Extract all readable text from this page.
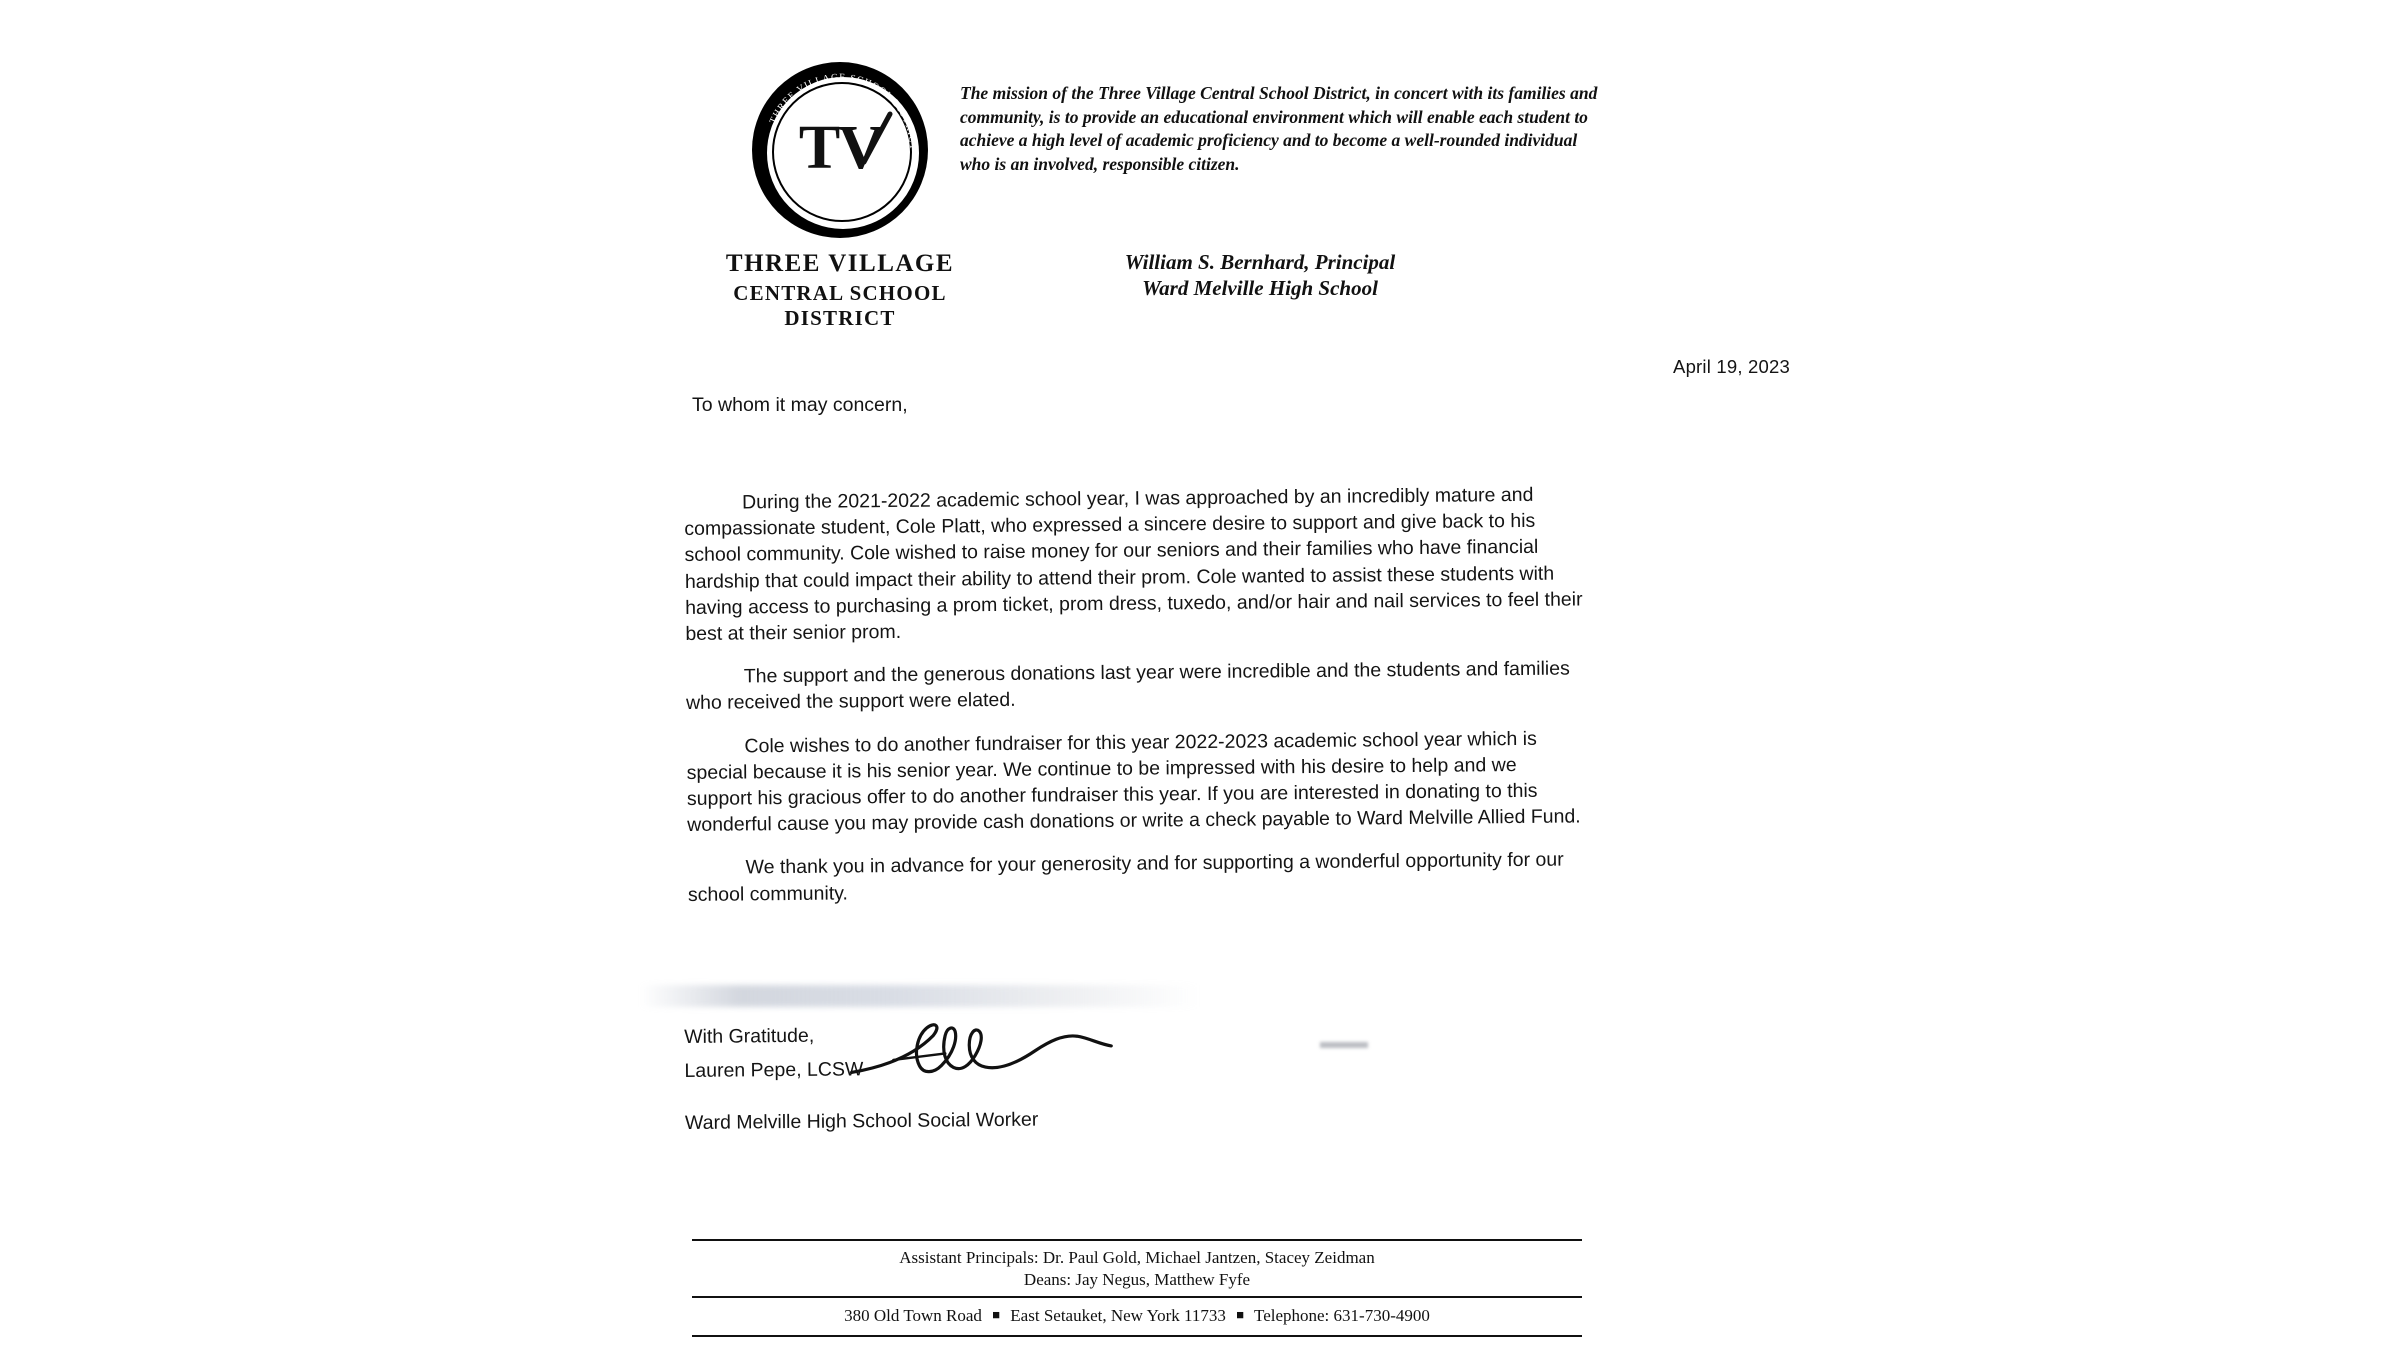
THREE VILLAGE SCHOOL DISTRICT
TV
THREE VILLAGE
CENTRAL SCHOOL DISTRICT
The mission of the Three Village Central School District, in concert with its families and community, is to provide an educational environment which will enable each student to achieve a high level of academic proficiency and to become a well-rounded individual who is an involved, responsible citizen.
William S. Bernhard, Principal
Ward Melville High School
April 19, 2023
To whom it may concern,

During the 2021-2022 academic school year, I was approached by an incredibly mature and compassionate student, Cole Platt, who expressed a sincere desire to support and give back to his school community. Cole wished to raise money for our seniors and their families who have financial hardship that could impact their ability to attend their prom. Cole wanted to assist these students with having access to purchasing a prom ticket, prom dress, tuxedo, and/or hair and nail services to feel their best at their senior prom.

The support and the generous donations last year were incredible and the students and families who received the support were elated.

Cole wishes to do another fundraiser for this year 2022-2023 academic school year which is special because it is his senior year. We continue to be impressed with his desire to help and we support his gracious offer to do another fundraiser this year. If you are interested in donating to this wonderful cause you may provide cash donations or write a check payable to Ward Melville Allied Fund.

We thank you in advance for your generosity and for supporting a wonderful opportunity for our school community.

With Gratitude,
Lauren Pepe, LCSW
Ward Melville High School Social Worker
Assistant Principals: Dr. Paul Gold, Michael Jantzen, Stacey Zeidman
Deans: Jay Negus, Matthew Fyfe
380 Old Town Road ■ East Setauket, New York 11733 ■ Telephone: 631-730-4900
